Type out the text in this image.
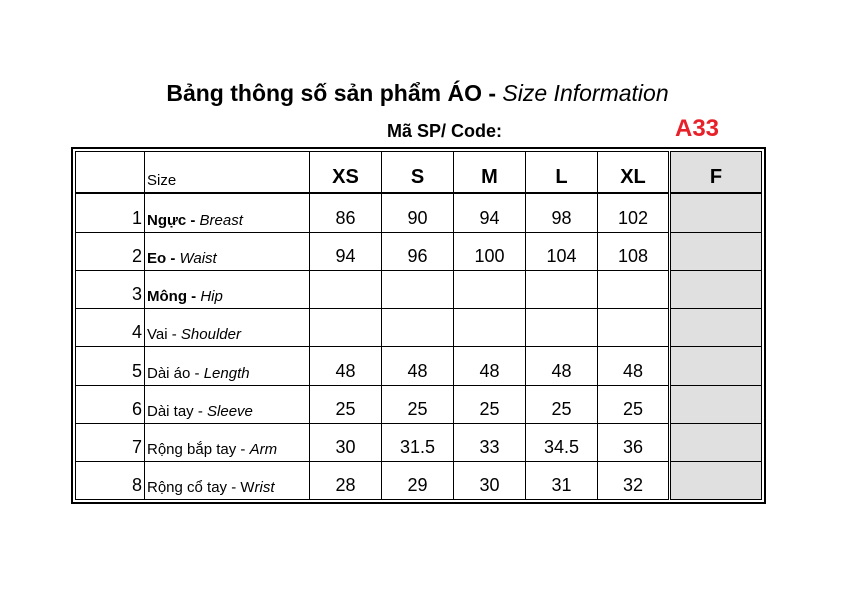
Bảng thông số sản phẩm ÁO - Size Information
Mã SP/ Code:	A33
	Size	XS	S	M	L	XL	F
1	Ngực - Breast	86	90	94	98	102	
2	Eo - Waist	94	96	100	104	108	
3	Mông - Hip						
4	Vai - Shoulder						
5	Dài áo - Length	48	48	48	48	48	
6	Dài tay - Sleeve	25	25	25	25	25	
7	Rộng bắp tay - Arm	30	31.5	33	34.5	36	
8	Rộng cổ tay - Wrist	28	29	30	31	32	
